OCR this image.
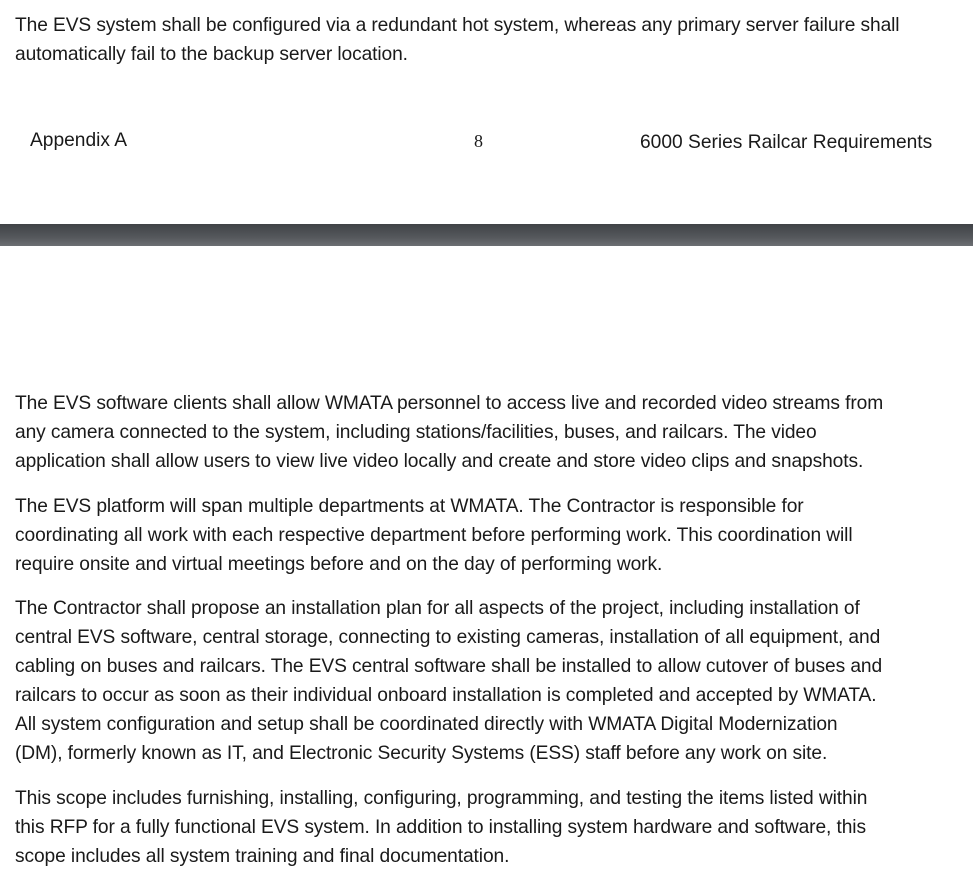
The EVS system shall be configured via a redundant hot system, whereas any primary server failure shall
automatically fail to the backup server location.

Appendix A	8	6000 Series Railcar Requirements

The EVS software clients shall allow WMATA personnel to access live and recorded video streams from
any camera connected to the system, including stations/facilities, buses, and railcars. The video
application shall allow users to view live video locally and create and store video clips and snapshots.

The EVS platform will span multiple departments at WMATA. The Contractor is responsible for
coordinating all work with each respective department before performing work. This coordination will
require onsite and virtual meetings before and on the day of performing work.

The Contractor shall propose an installation plan for all aspects of the project, including installation of
central EVS software, central storage, connecting to existing cameras, installation of all equipment, and
cabling on buses and railcars. The EVS central software shall be installed to allow cutover of buses and
railcars to occur as soon as their individual onboard installation is completed and accepted by WMATA.
All system configuration and setup shall be coordinated directly with WMATA Digital Modernization
(DM), formerly known as IT, and Electronic Security Systems (ESS) staff before any work on site.

This scope includes furnishing, installing, configuring, programming, and testing the items listed within
this RFP for a fully functional EVS system. In addition to installing system hardware and software, this
scope includes all system training and final documentation.
